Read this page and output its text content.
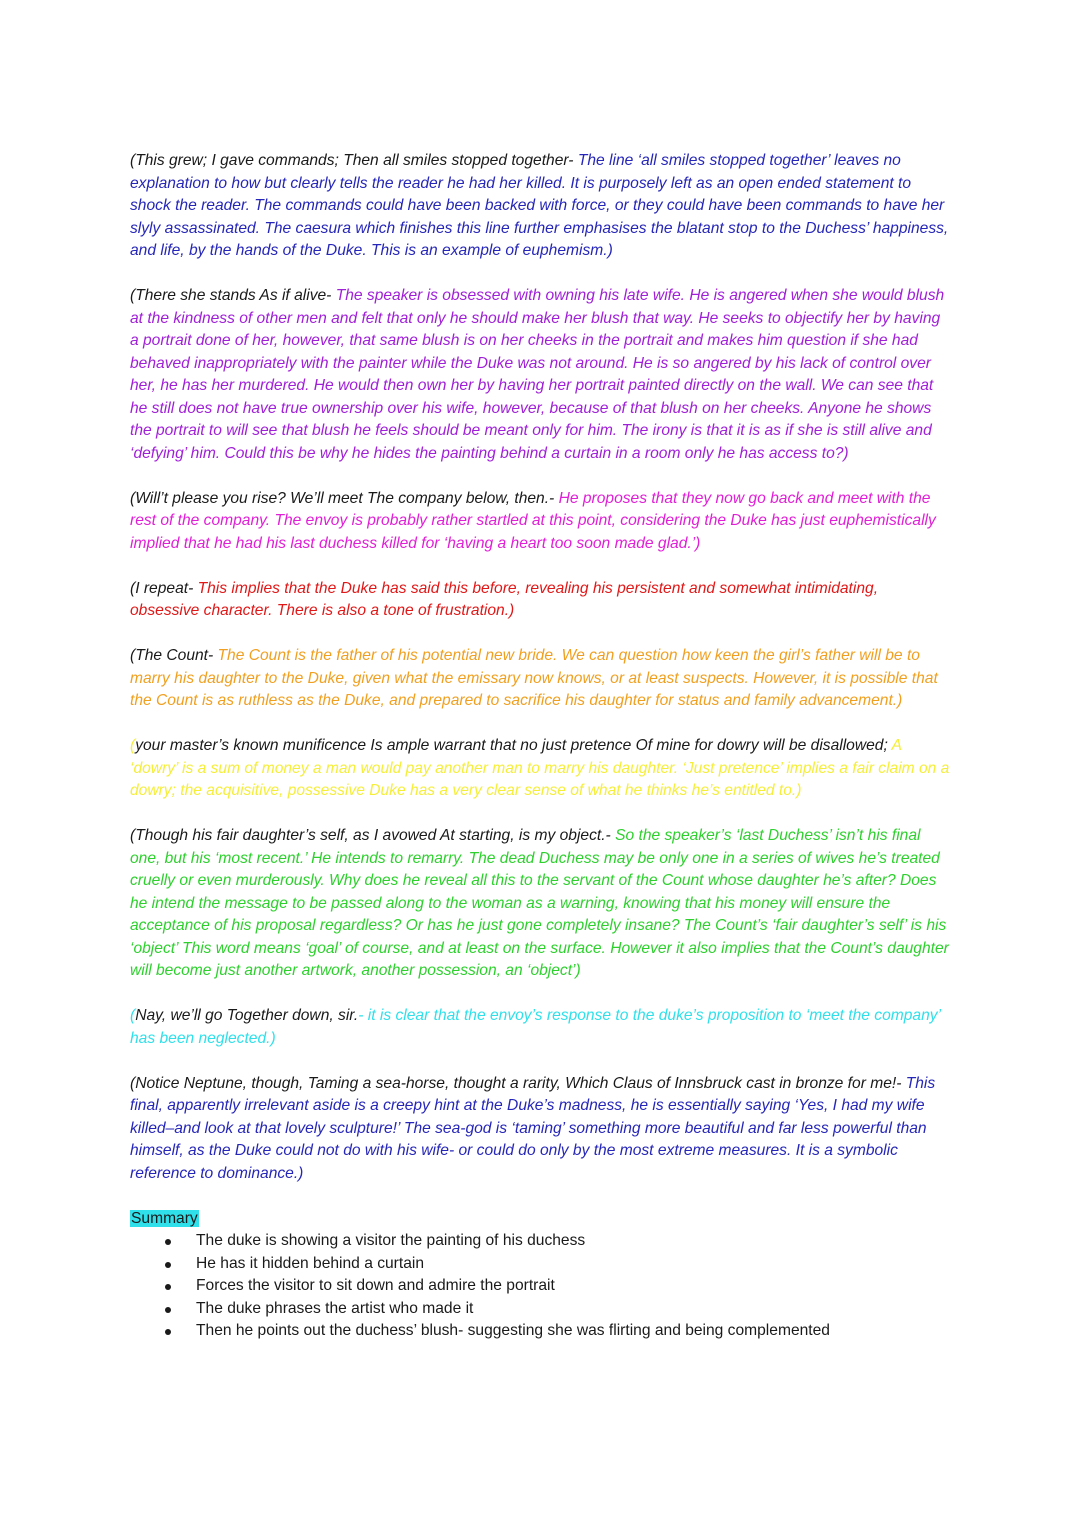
(This grew; I gave commands; Then all smiles stopped together- The line ‘all smiles stopped together’ leaves no explanation to how but clearly tells the reader he had her killed. It is purposely left as an open ended statement to shock the reader. The commands could have been backed with force, or they could have been commands to have her slyly assassinated. The caesura which finishes this line further emphasises the blatant stop to the Duchess’ happiness, and life, by the hands of the Duke. This is an example of euphemism.)

(There she stands As if alive- The speaker is obsessed with owning his late wife. He is angered when she would blush at the kindness of other men and felt that only he should make her blush that way. He seeks to objectify her by having a portrait done of her, however, that same blush is on her cheeks in the portrait and makes him question if she had behaved inappropriately with the painter while the Duke was not around. He is so angered by his lack of control over her, he has her murdered. He would then own her by having her portrait painted directly on the wall. We can see that he still does not have true ownership over his wife, however, because of that blush on her cheeks. Anyone he shows the portrait to will see that blush he feels should be meant only for him. The irony is that it is as if she is still alive and ‘defying’ him. Could this be why he hides the painting behind a curtain in a room only he has access to?)

(Will’t please you rise? We’ll meet The company below, then.- He proposes that they now go back and meet with the rest of the company. The envoy is probably rather startled at this point, considering the Duke has just euphemistically implied that he had his last duchess killed for ‘having a heart too soon made glad.’)

(I repeat- This implies that the Duke has said this before, revealing his persistent and somewhat intimidating, obsessive character. There is also a tone of frustration.)

(The Count- The Count is the father of his potential new bride. We can question how keen the girl’s father will be to marry his daughter to the Duke, given what the emissary now knows, or at least suspects. However, it is possible that the Count is as ruthless as the Duke, and prepared to sacrifice his daughter for status and family advancement.)

(your master’s known munificence Is ample warrant that no just pretence Of mine for dowry will be disallowed; A ‘dowry’ is a sum of money a man would pay another man to marry his daughter. ‘Just pretence’ implies a fair claim on a dowry; the acquisitive, possessive Duke has a very clear sense of what he thinks he’s entitled to.)

(Though his fair daughter’s self, as I avowed At starting, is my object.- So the speaker’s ‘last Duchess’ isn’t his final one, but his ‘most recent.’ He intends to remarry. The dead Duchess may be only one in a series of wives he’s treated cruelly or even murderously. Why does he reveal all this to the servant of the Count whose daughter he’s after? Does he intend the message to be passed along to the woman as a warning, knowing that his money will ensure the acceptance of his proposal regardless? Or has he just gone completely insane? The Count’s ‘fair daughter’s self’ is his ‘object’ This word means ‘goal’ of course, and at least on the surface. However it also implies that the Count’s daughter will become just another artwork, another possession, an ‘object’)

(Nay, we’ll go Together down, sir.- it is clear that the envoy’s response to the duke’s proposition to ‘meet the company’ has been neglected.)

(Notice Neptune, though, Taming a sea-horse, thought a rarity, Which Claus of Innsbruck cast in bronze for me!- This final, apparently irrelevant aside is a creepy hint at the Duke’s madness, he is essentially saying ‘Yes, I had my wife killed–and look at that lovely sculpture!’ The sea-god is ‘taming’ something more beautiful and far less powerful than himself, as the Duke could not do with his wife- or could do only by the most extreme measures. It is a symbolic reference to dominance.)

Summary
The duke is showing a visitor the painting of his duchess
He has it hidden behind a curtain
Forces the visitor to sit down and admire the portrait
The duke phrases the artist who made it
Then he points out the duchess’ blush- suggesting she was flirting and being complemented
